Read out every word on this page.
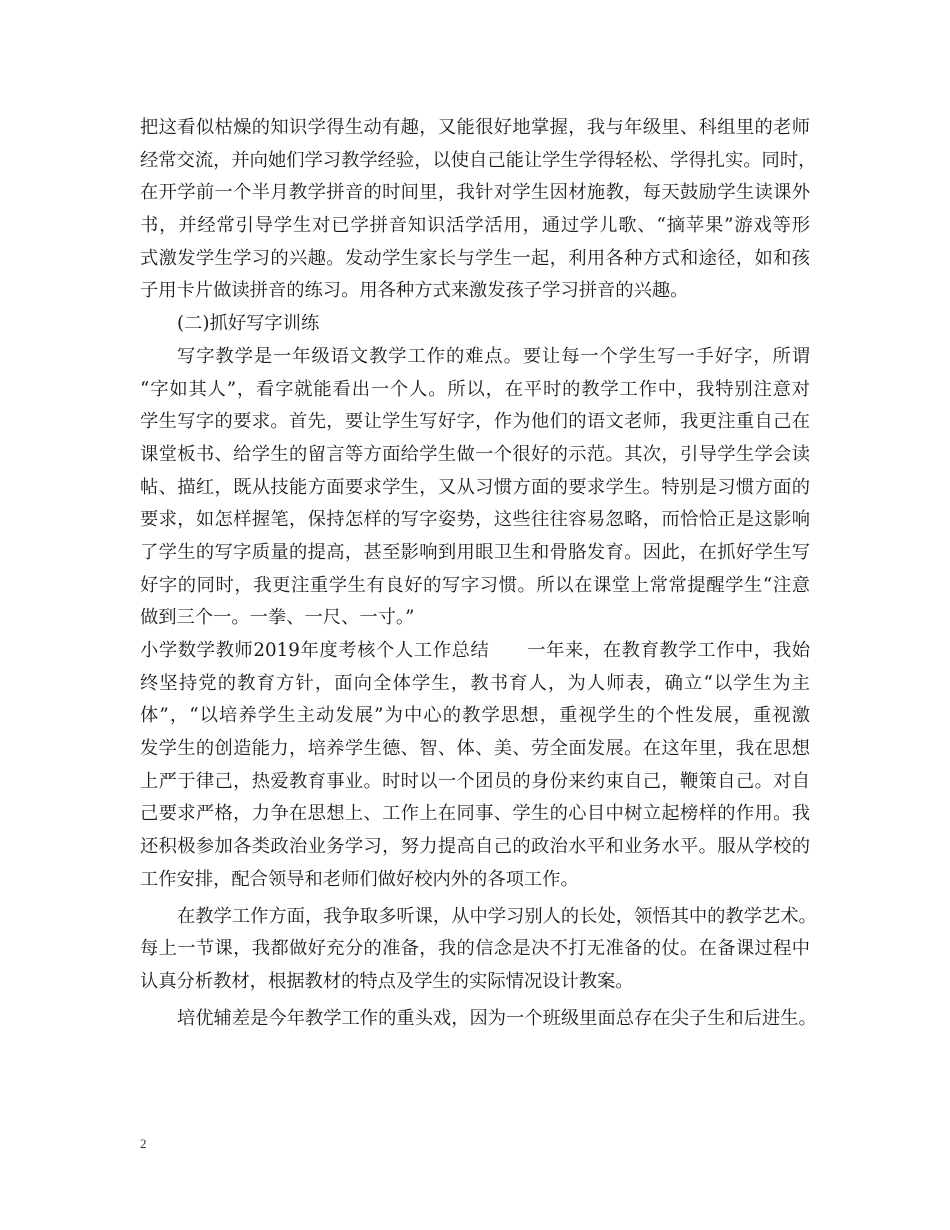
把这看似枯燥的知识学得生动有趣，又能很好地掌握，我与年级里、科组里的老师
经常交流，并向她们学习教学经验，以使自己能让学生学得轻松、学得扎实。同时，
在开学前一个半月教学拼音的时间里，我针对学生因材施教，每天鼓励学生读课外
书，并经常引导学生对已学拼音知识活学活用，通过学儿歌、“摘苹果”游戏等形
式激发学生学习的兴趣。发动学生家长与学生一起，利用各种方式和途径，如和孩
子用卡片做读拼音的练习。用各种方式来激发孩子学习拼音的兴趣。
(二)抓好写字训练
写字教学是一年级语文教学工作的难点。要让每一个学生写一手好字，所谓
“字如其人”，看字就能看出一个人。所以，在平时的教学工作中，我特别注意对
学生写字的要求。首先，要让学生写好字，作为他们的语文老师，我更注重自己在
课堂板书、给学生的留言等方面给学生做一个很好的示范。其次，引导学生学会读
帖、描红，既从技能方面要求学生，又从习惯方面的要求学生。特别是习惯方面的
要求，如怎样握笔，保持怎样的写字姿势，这些往往容易忽略，而恰恰正是这影响
了学生的写字质量的提高，甚至影响到用眼卫生和骨胳发育。因此，在抓好学生写
好字的同时，我更注重学生有良好的写字习惯。所以在课堂上常常提醒学生“注意
做到三个一。一拳、一尺、一寸。”
小学数学教师2019年度考核个人工作总结　　一年来，在教育教学工作中，我始
终坚持党的教育方针，面向全体学生，教书育人，为人师表，确立“以学生为主
体”，“以培养学生主动发展”为中心的教学思想，重视学生的个性发展，重视激
发学生的创造能力，培养学生德、智、体、美、劳全面发展。在这年里，我在思想
上严于律己，热爱教育事业。时时以一个团员的身份来约束自己，鞭策自己。对自
己要求严格，力争在思想上、工作上在同事、学生的心目中树立起榜样的作用。我
还积极参加各类政治业务学习，努力提高自己的政治水平和业务水平。服从学校的
工作安排，配合领导和老师们做好校内外的各项工作。
在教学工作方面，我争取多听课，从中学习别人的长处，领悟其中的教学艺术。
每上一节课，我都做好充分的准备，我的信念是决不打无准备的仗。在备课过程中
认真分析教材，根据教材的特点及学生的实际情况设计教案。
培优辅差是今年教学工作的重头戏，因为一个班级里面总存在尖子生和后进生。
2
